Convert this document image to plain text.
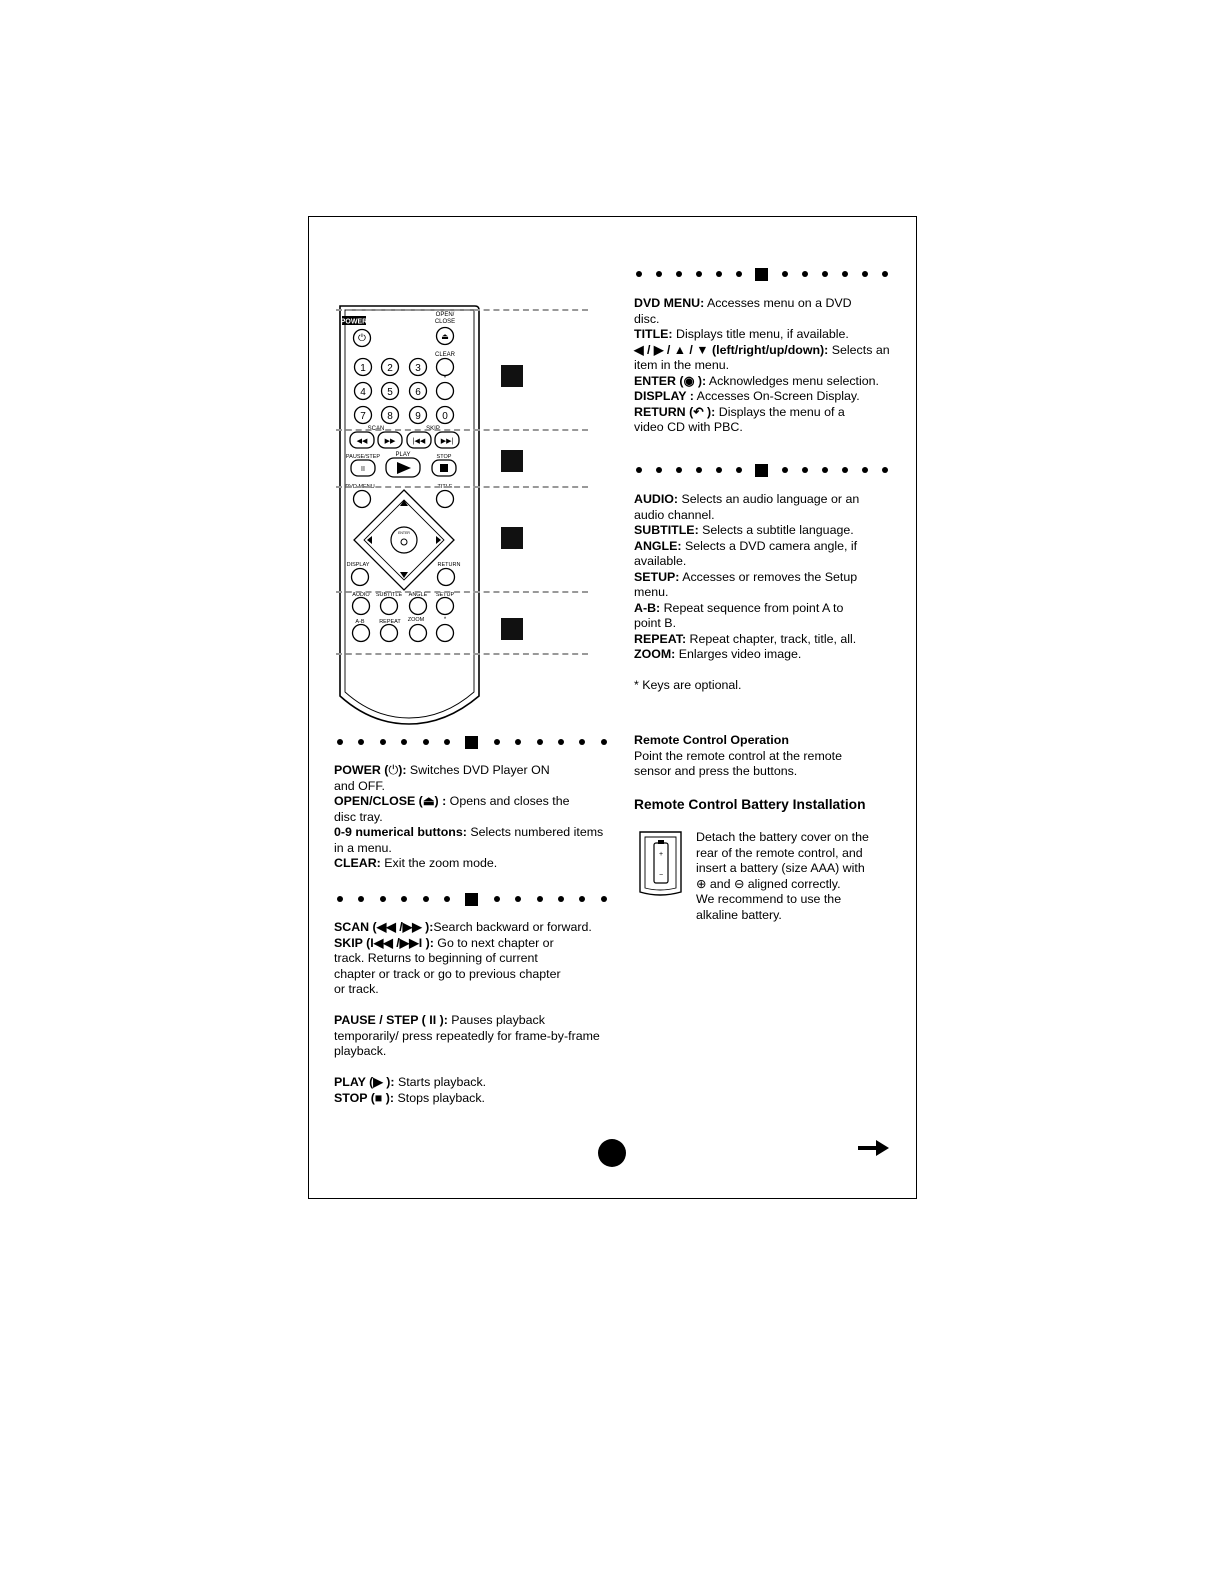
POWER
⏻
OPEN/
CLOSE
⏏
CLEAR
1 2 3
4 5 6
*
7 8 9 0
SCAN	SKIP
◀◀ ▶▶ |◀◀ ▶▶|
PAUSE/STEP	PLAY	STOP
II
DVD MENU	TITLE
ENTER
DISPLAY	RETURN
AUDIO SUBTITLE ANGLE SETUP
A-B	REPEAT ZOOM	*

DVD MENU: Accesses menu on a DVD

disc.

TITLE: Displays title menu, if available.

◀ / ▶ / ▲ / ▼ (left/right/up/down): Selects an

item in the menu.

ENTER (◉ ): Acknowledges menu selection.

DISPLAY : Accesses On-Screen Display.

RETURN (↶ ): Displays the menu of a

video CD with PBC.

AUDIO: Selects an audio language or an

audio channel.

SUBTITLE: Selects a subtitle language.

ANGLE: Selects a DVD camera angle, if

available.

SETUP: Accesses or removes the Setup

menu.

A-B: Repeat sequence from point A to

point B.

REPEAT: Repeat chapter, track, title, all.

ZOOM: Enlarges video image.

* Keys are optional.

Remote Control Operation

Point the remote control at the remote

sensor and press the buttons.

Remote Control Battery Installation
+
−

Detach the battery cover on the

rear of the remote control, and

insert a battery (size AAA) with

⊕ and ⊖ aligned correctly.

We recommend to use the

alkaline battery.

POWER (⏻): Switches DVD Player ON

and OFF.

OPEN/CLOSE (⏏) : Opens and closes the

disc tray.

0-9 numerical buttons: Selects numbered items

in a menu.

CLEAR: Exit the zoom mode.

SCAN (◀◀ /▶▶ ):Search backward or forward.

SKIP (I◀◀ /▶▶I ): Go to next chapter or

track. Returns to beginning of current

chapter or track or go to previous chapter

or track.

PAUSE / STEP ( II ): Pauses playback

temporarily/ press repeatedly for frame-by-frame

playback.

PLAY (▶ ): Starts playback.

STOP (■ ): Stops playback.
